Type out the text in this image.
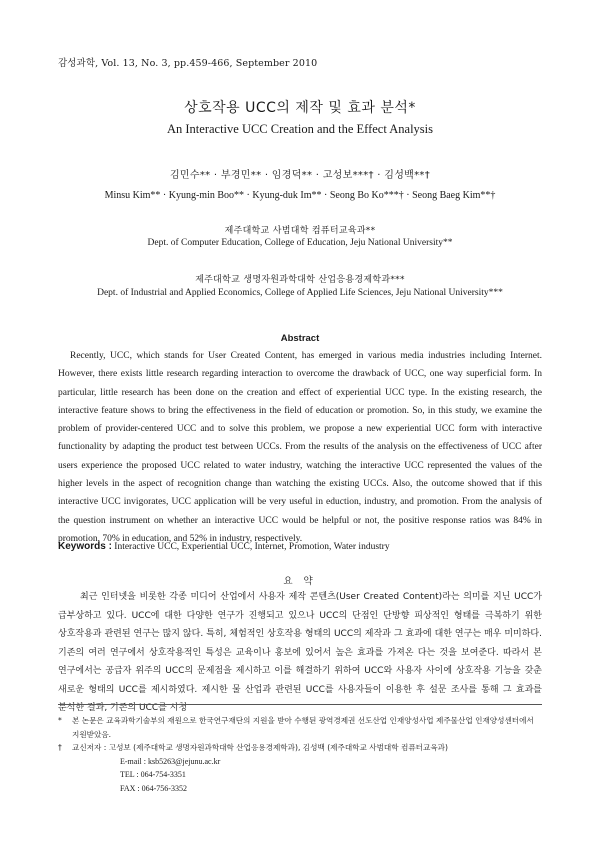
감성과학, Vol. 13, No. 3, pp.459-466, September 2010
상호작용 UCC의 제작 및 효과 분석*
An Interactive UCC Creation and the Effect Analysis
김민수** · 부경민** · 임경덕** · 고성보***† · 김성백**†
Minsu Kim** · Kyung-min Boo** · Kyung-duk Im** · Seong Bo Ko***† · Seong Baeg Kim**†
제주대학교 사범대학 컴퓨터교육과**
Dept. of Computer Education, College of Education, Jeju National University**
제주대학교 생명자원과학대학 산업응용경제학과***
Dept. of Industrial and Applied Economics, College of Applied Life Sciences, Jeju National University***
Abstract

Recently, UCC, which stands for User Created Content, has emerged in various media industries including Internet. However, there exists little research regarding interaction to overcome the drawback of UCC, one way superficial form. In particular, little research has been done on the creation and effect of experiential UCC type. In the existing research, the interactive feature shows to bring the effectiveness in the field of education or promotion. So, in this study, we examine the problem of provider-centered UCC and to solve this problem, we propose a new experiential UCC form with interactive functionality by adapting the product test between UCCs. From the results of the analysis on the effectiveness of UCC after users experience the proposed UCC related to water industry, watching the interactive UCC represented the values of the higher levels in the aspect of recognition change than watching the existing UCCs. Also, the outcome showed that if this interactive UCC invigorates, UCC application will be very useful in eduction, industry, and promotion. From the analysis of the question instrument on whether an interactive UCC would be helpful or not, the positive response ratios was 84% in promotion, 70% in education, and 52% in industry, respectively.

Keywords : Interactive UCC, Experiential UCC, Internet, Promotion, Water industry
요 약

최근 인터넷을 비롯한 각종 미디어 산업에서 사용자 제작 콘텐츠(User Created Content)라는 의미를 지닌 UCC가 급부상하고 있다. UCC에 대한 다양한 연구가 진행되고 있으나 UCC의 단점인 단방향 피상적인 형태를 극복하기 위한 상호작용과 관련된 연구는 많지 않다. 특히, 체험적인 상호작용 형태의 UCC의 제작과 그 효과에 대한 연구는 매우 미미하다. 기존의 여러 연구에서 상호작용적인 특성은 교육이나 홍보에 있어서 높은 효과를 가져온 다는 것을 보여준다. 따라서 본 연구에서는 공급자 위주의 UCC의 문제점을 제시하고 이를 해결하기 위하여 UCC와 사용자 사이에 상호작용 기능을 갖춘 새로운 형태의 UCC를 제시하였다. 제시한 물 산업과 관련된 UCC를 사용자들이 이용한 후 설문 조사를 통해 그 효과를 분석한 결과, 기존의 UCC를 시청

*	본 논문은 교육과학기술부의 재원으로 한국연구재단의 지원을 받아 수행된 광역경제권 선도산업 인재양성사업 제주물산업 인재양성센터에서 지원받았음.
†	교신저자 : 고성보 (제주대학교 생명자원과학대학 산업응용경제학과), 김성백 (제주대학교 사범대학 컴퓨터교육과)
E-mail : ksb5263@jejunu.ac.kr
TEL : 064-754-3351
FAX : 064-756-3352
